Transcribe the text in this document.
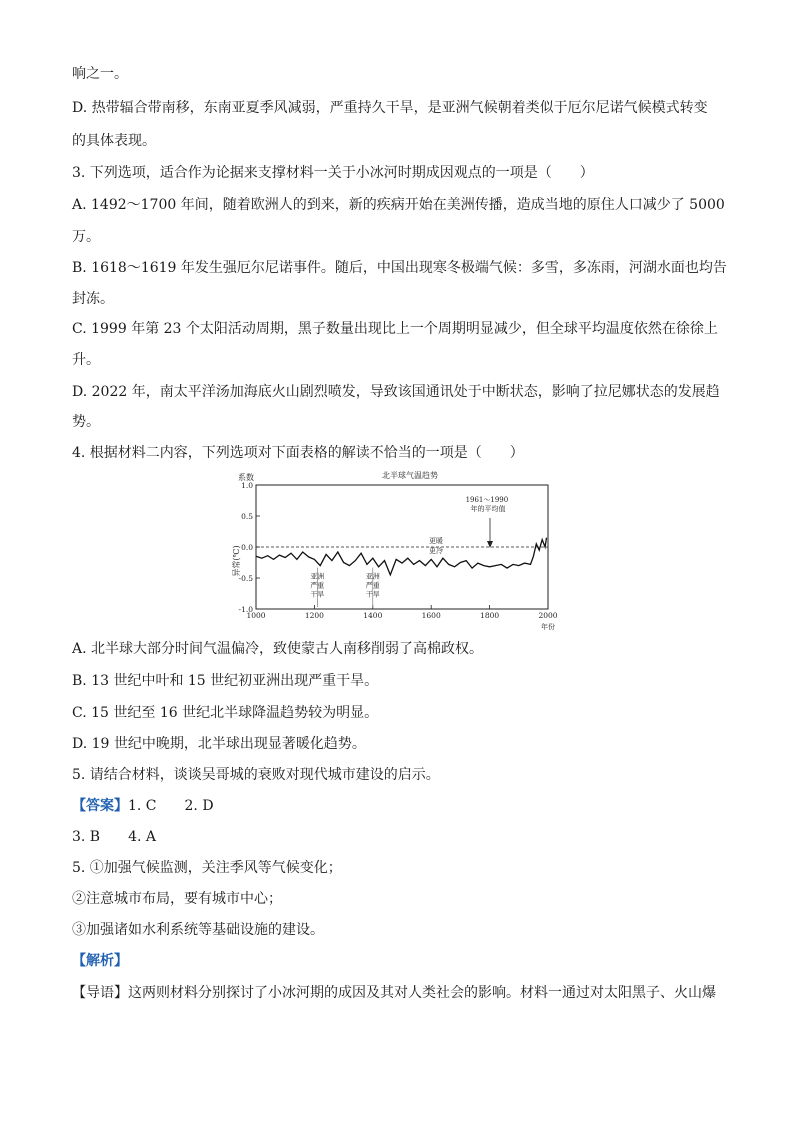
响之一。
D. 热带辐合带南移，东南亚夏季风减弱，严重持久干旱，是亚洲气候朝着类似于厄尔尼诺气候模式转变
的具体表现。
3. 下列选项，适合作为论据来支撑材料一关于小冰河时期成因观点的一项是（　　）
A. 1492～1700 年间，随着欧洲人的到来，新的疾病开始在美洲传播，造成当地的原住人口减少了 5000
万。
B. 1618～1619 年发生强厄尔尼诺事件。随后，中国出现寒冬极端气候：多雪，多冻雨，河湖水面也均告
封冻。
C. 1999 年第 23 个太阳活动周期，黑子数量出现比上一个周期明显减少，但全球平均温度依然在徐徐上
升。
D. 2022 年，南太平洋汤加海底火山剧烈喷发，导致该国通讯处于中断状态，影响了拉尼娜状态的发展趋
势。
4. 根据材料二内容，下列选项对下面表格的解读不恰当的一项是（　　）
北半球气温趋势
系数
异常(℃)
1.0
0.5
0.0
-0.5
-1.0
1000	1200	1400	1600	1800	2000
1961～1990 年的平均值
更暖
更冷
亚洲
严重
干旱
亚洲
严重
干旱
年份
A. 北半球大部分时间气温偏冷，致使蒙古人南移削弱了高棉政权。
B. 13 世纪中叶和 15 世纪初亚洲出现严重干旱。
C. 15 世纪至 16 世纪北半球降温趋势较为明显。
D. 19 世纪中晚期，北半球出现显著暖化趋势。
5. 请结合材料，谈谈吴哥城的衰败对现代城市建设的启示。
【答案】1. C　　2. D
3. B　　4. A
5. ①加强气候监测，关注季风等气候变化；
②注意城市布局，要有城市中心；
③加强诸如水利系统等基础设施的建设。
【解析】
【导语】这两则材料分别探讨了小冰河期的成因及其对人类社会的影响。材料一通过对太阳黑子、火山爆
